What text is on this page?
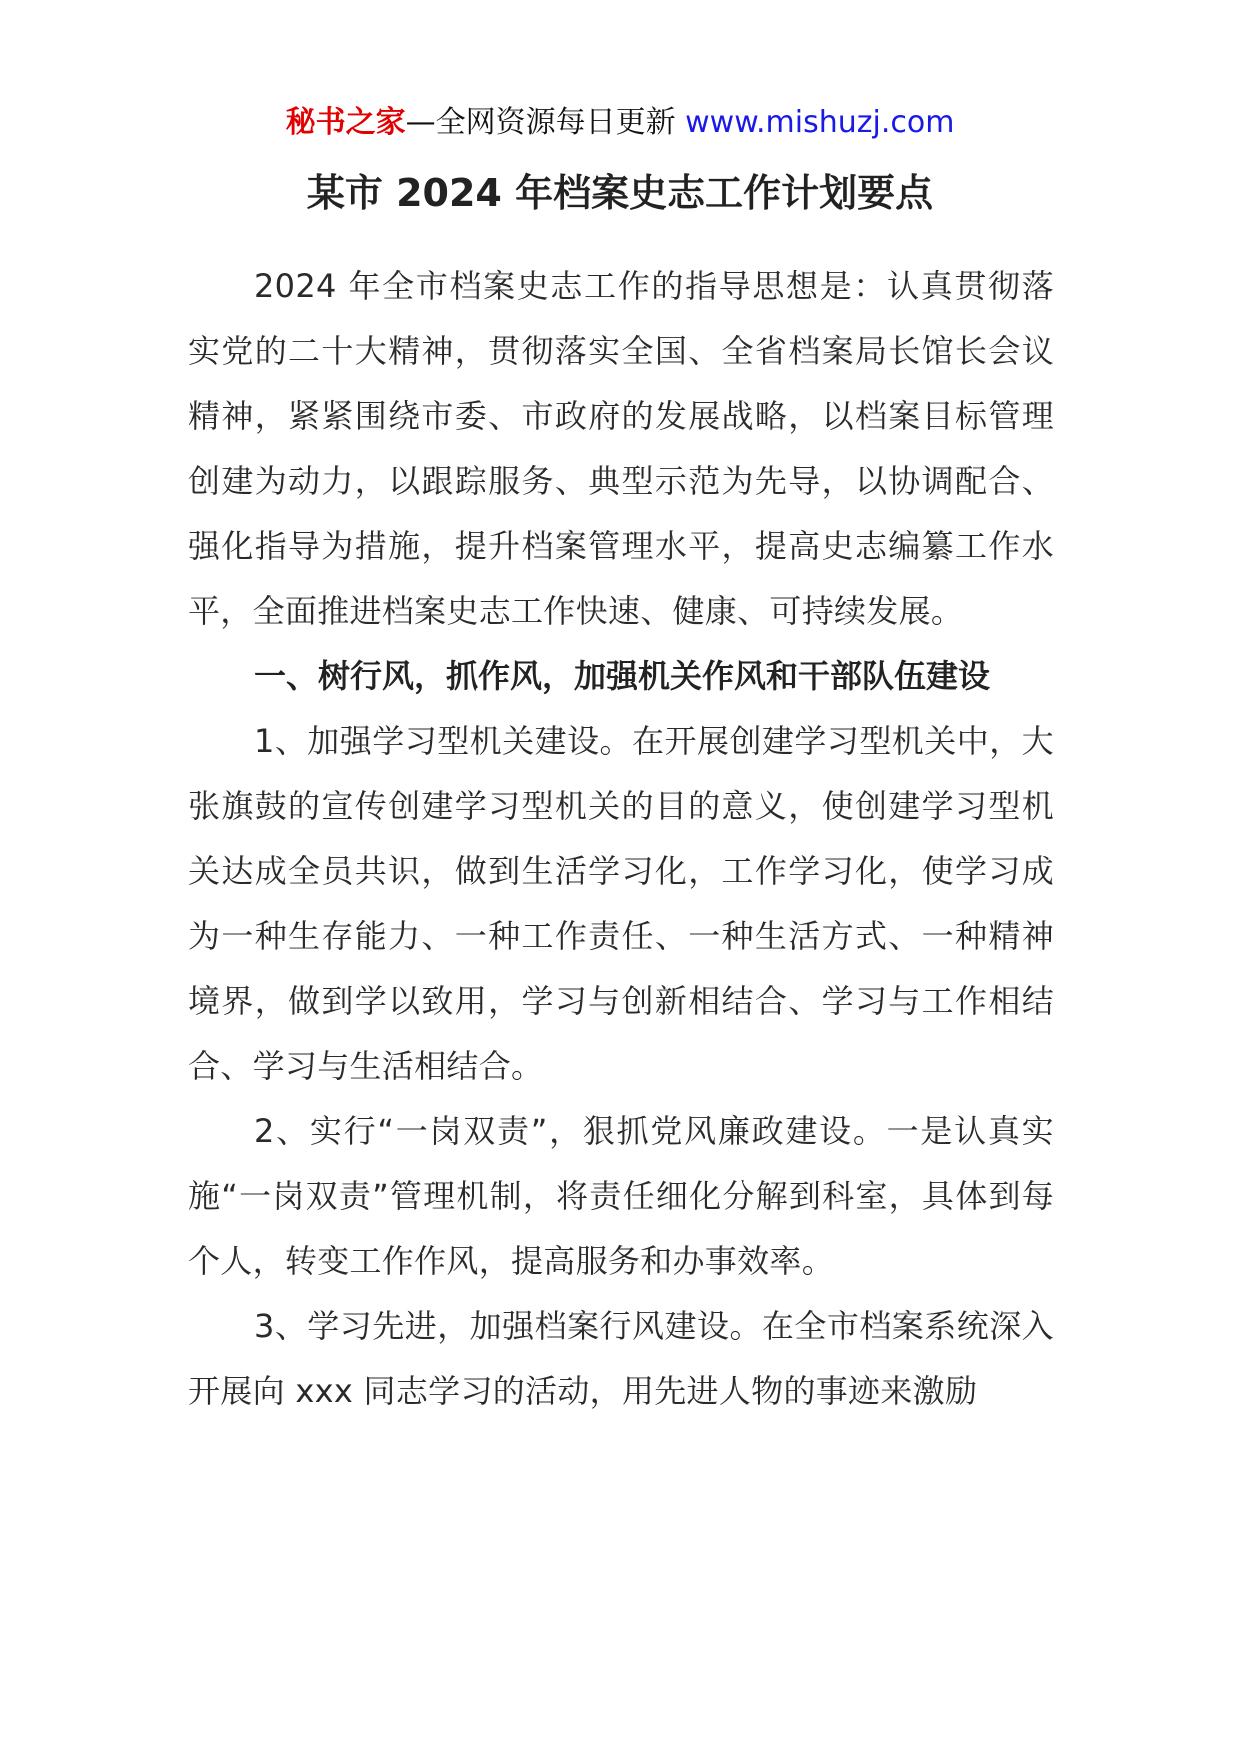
秘书之家—全网资源每日更新 www.mishuzj.com
某市 2024 年档案史志工作计划要点

2024 年全市档案史志工作的指导思想是：认真贯彻落实党的二十大精神，贯彻落实全国、全省档案局长馆长会议精神，紧紧围绕市委、市政府的发展战略，以档案目标管理创建为动力，以跟踪服务、典型示范为先导，以协调配合、强化指导为措施，提升档案管理水平，提高史志编纂工作水平，全面推进档案史志工作快速、健康、可持续发展。

一、树行风，抓作风，加强机关作风和干部队伍建设

1、加强学习型机关建设。在开展创建学习型机关中，大张旗鼓的宣传创建学习型机关的目的意义，使创建学习型机关达成全员共识，做到生活学习化，工作学习化，使学习成为一种生存能力、一种工作责任、一种生活方式、一种精神境界，做到学以致用，学习与创新相结合、学习与工作相结合、学习与生活相结合。

2、实行“一岗双责”，狠抓党风廉政建设。一是认真实施“一岗双责”管理机制，将责任细化分解到科室，具体到每个人，转变工作作风，提高服务和办事效率。

3、学习先进，加强档案行风建设。在全市档案系统深入开展向 xxx 同志学习的活动，用先进人物的事迹来激励
